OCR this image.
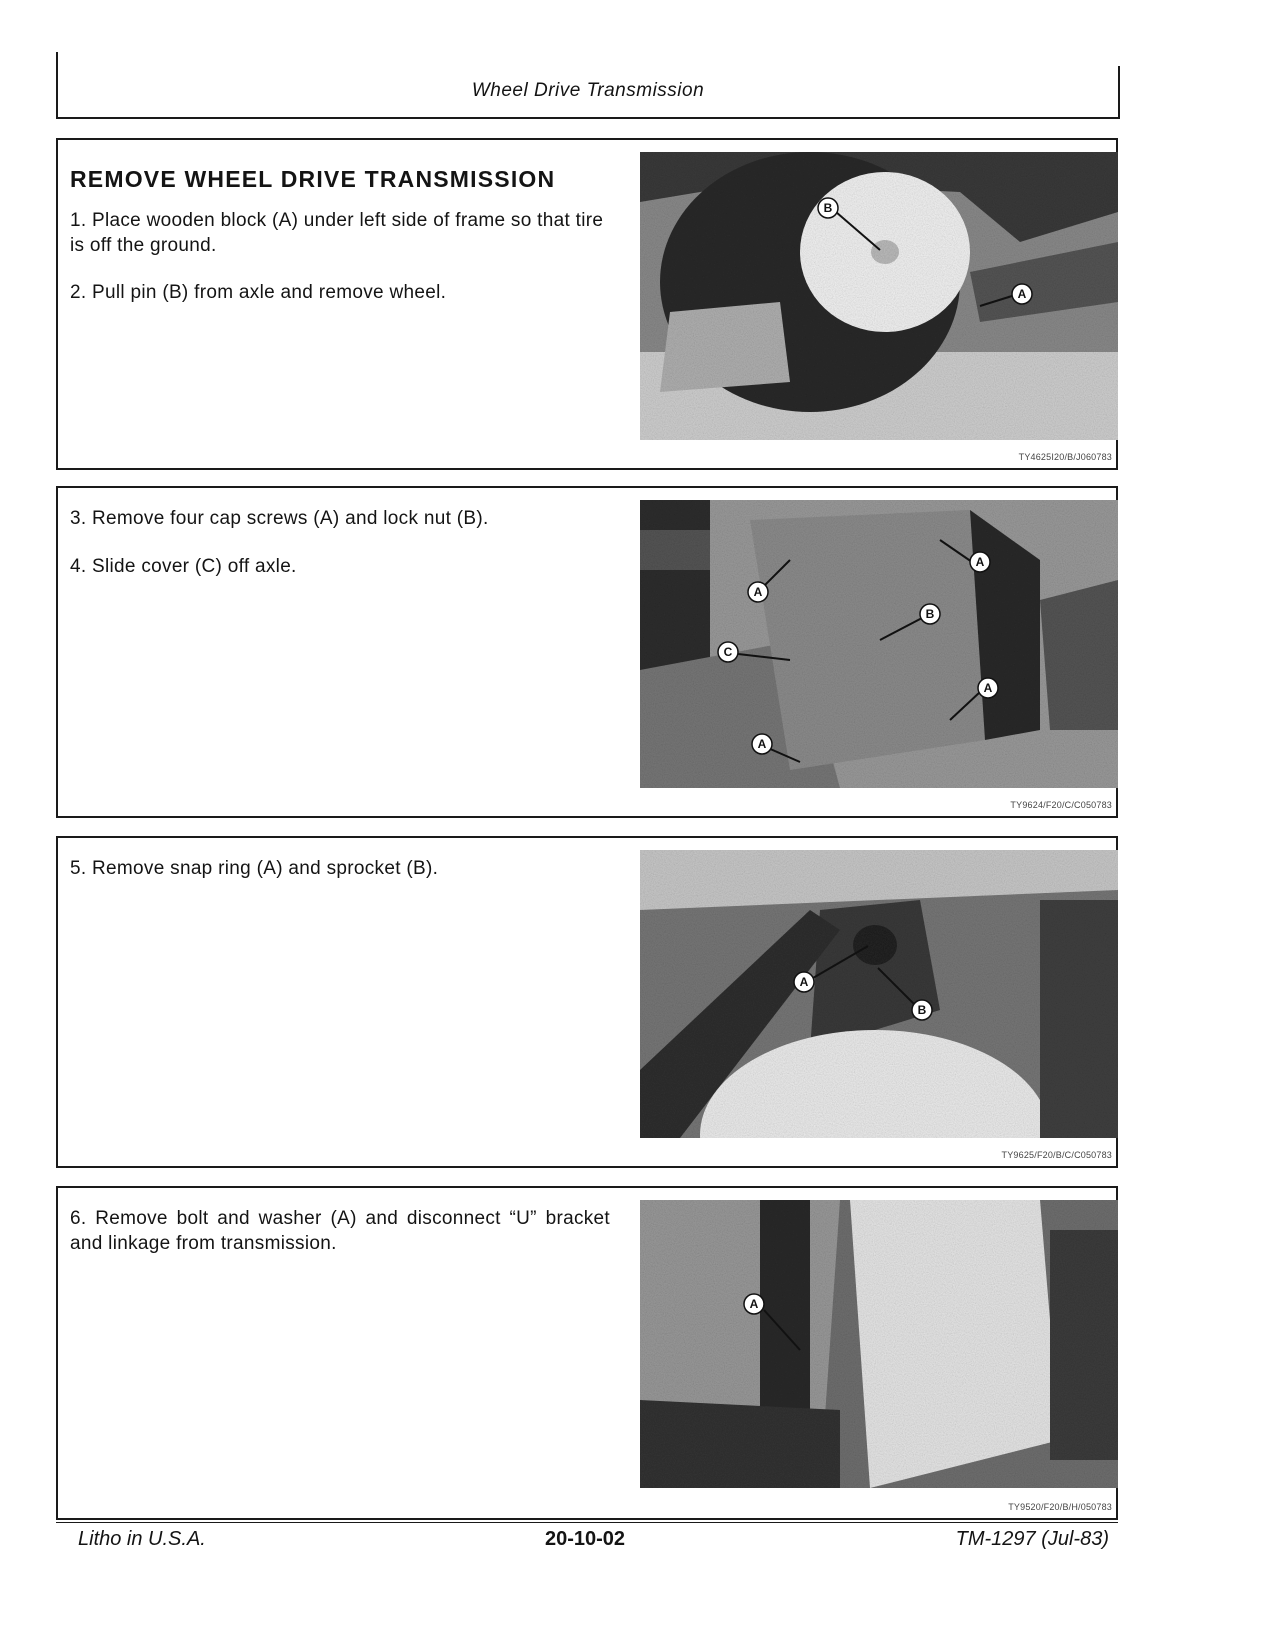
Wheel Drive Transmission
REMOVE WHEEL DRIVE TRANSMISSION

1. Place wooden block (A) under left side of frame so that tire is off the ground.

2. Pull pin (B) from axle and remove wheel.

B
A
TY4625I20/B/J060783

3. Remove four cap screws (A) and lock nut (B).

4. Slide cover (C) off axle.

A
A
B
C
A
A
TY9624/F20/C/C050783

5. Remove snap ring (A) and sprocket (B).

A
B
TY9625/F20/B/C/C050783

6. Remove bolt and washer (A) and disconnect “U” bracket and linkage from transmission.

A
TY9520/F20/B/H/050783
Litho in U.S.A.	20-10-02	TM-1297 (Jul-83)
